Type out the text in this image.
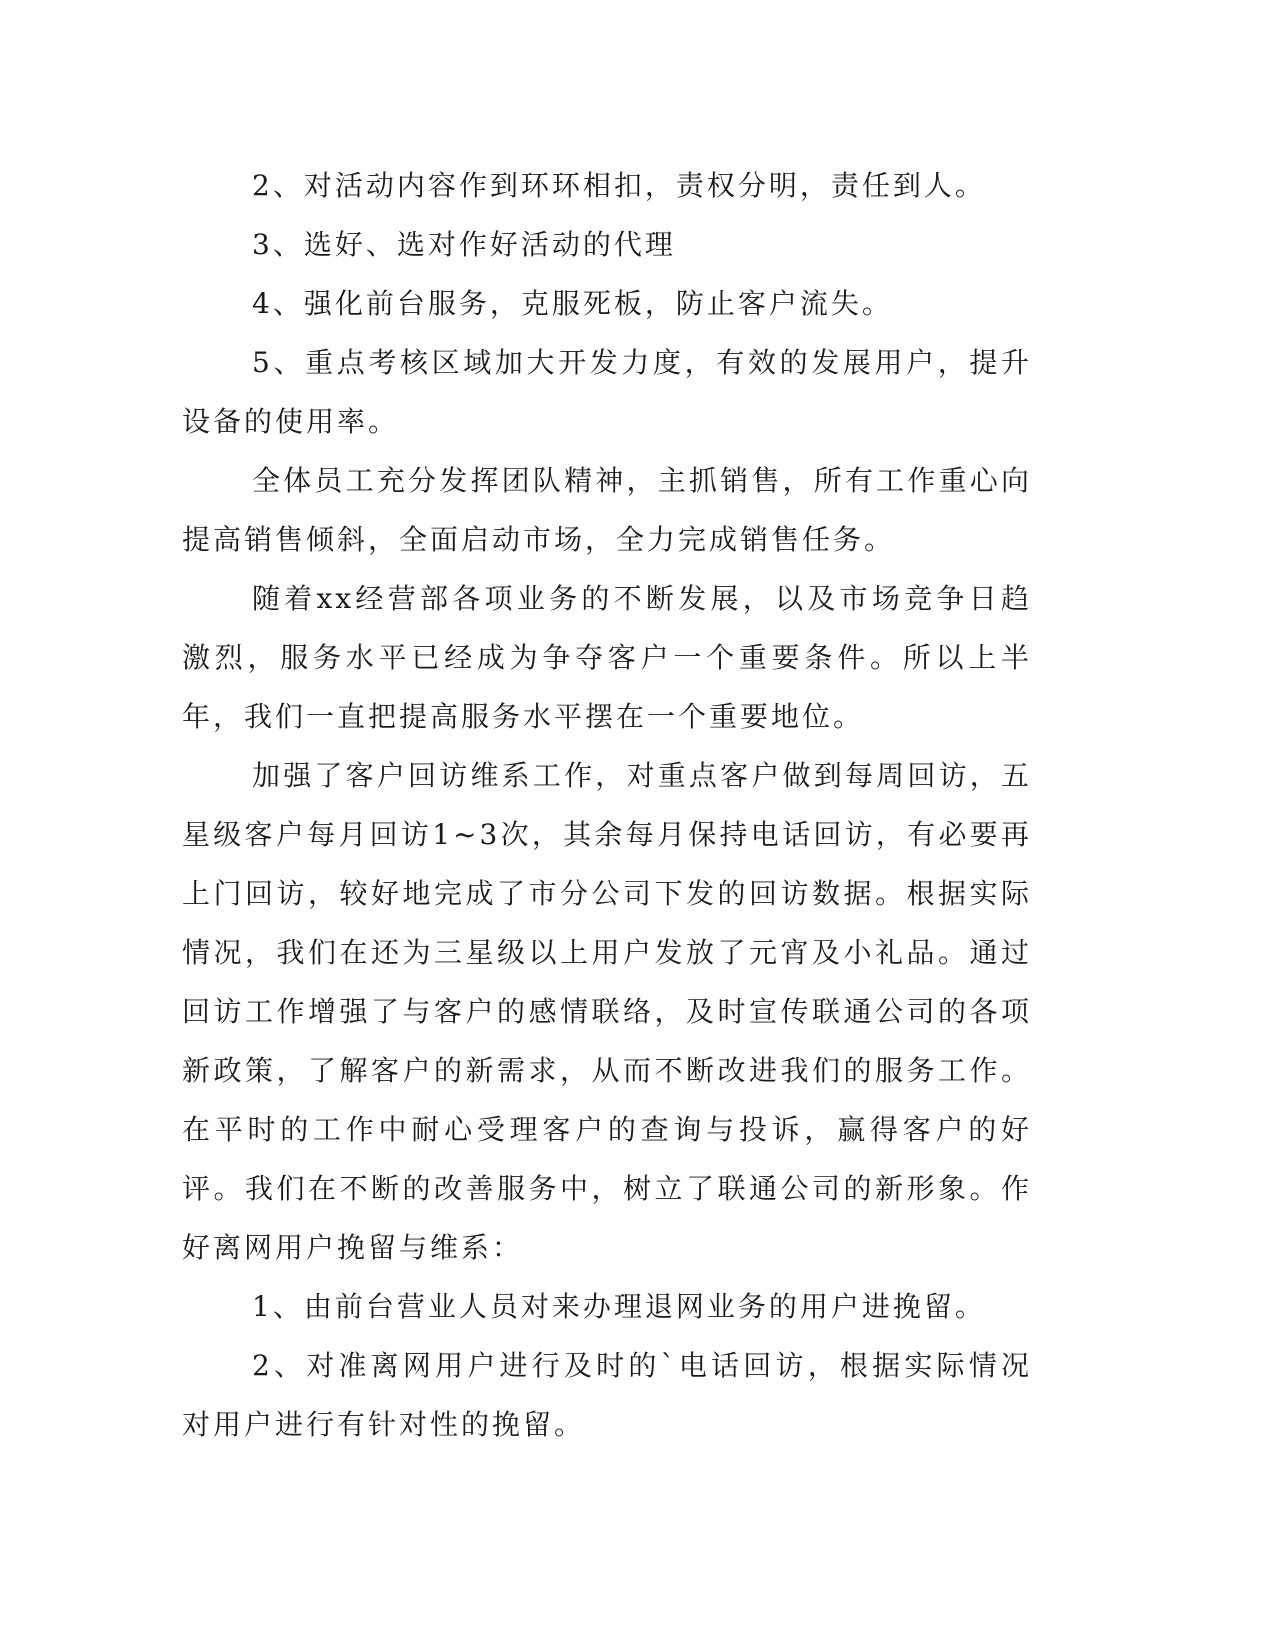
2、对活动内容作到环环相扣，责权分明，责任到人。

3、选好、选对作好活动的代理

4、强化前台服务，克服死板，防止客户流失。

5、重点考核区域加大开发力度，有效的发展用户，提升设备的使用率。

全体员工充分发挥团队精神，主抓销售，所有工作重心向提高销售倾斜，全面启动市场，全力完成销售任务。

随着xx经营部各项业务的不断发展，以及市场竞争日趋激烈，服务水平已经成为争夺客户一个重要条件。所以上半年，我们一直把提高服务水平摆在一个重要地位。

加强了客户回访维系工作，对重点客户做到每周回访，五星级客户每月回访1~3次，其余每月保持电话回访，有必要再上门回访，较好地完成了市分公司下发的回访数据。根据实际情况，我们在还为三星级以上用户发放了元宵及小礼品。通过回访工作增强了与客户的感情联络，及时宣传联通公司的各项新政策，了解客户的新需求，从而不断改进我们的服务工作。在平时的工作中耐心受理客户的查询与投诉，赢得客户的好评。我们在不断的改善服务中，树立了联通公司的新形象。作好离网用户挽留与维系：

1、由前台营业人员对来办理退网业务的用户进挽留。

2、对准离网用户进行及时的`电话回访，根据实际情况对用户进行有针对性的挽留。
